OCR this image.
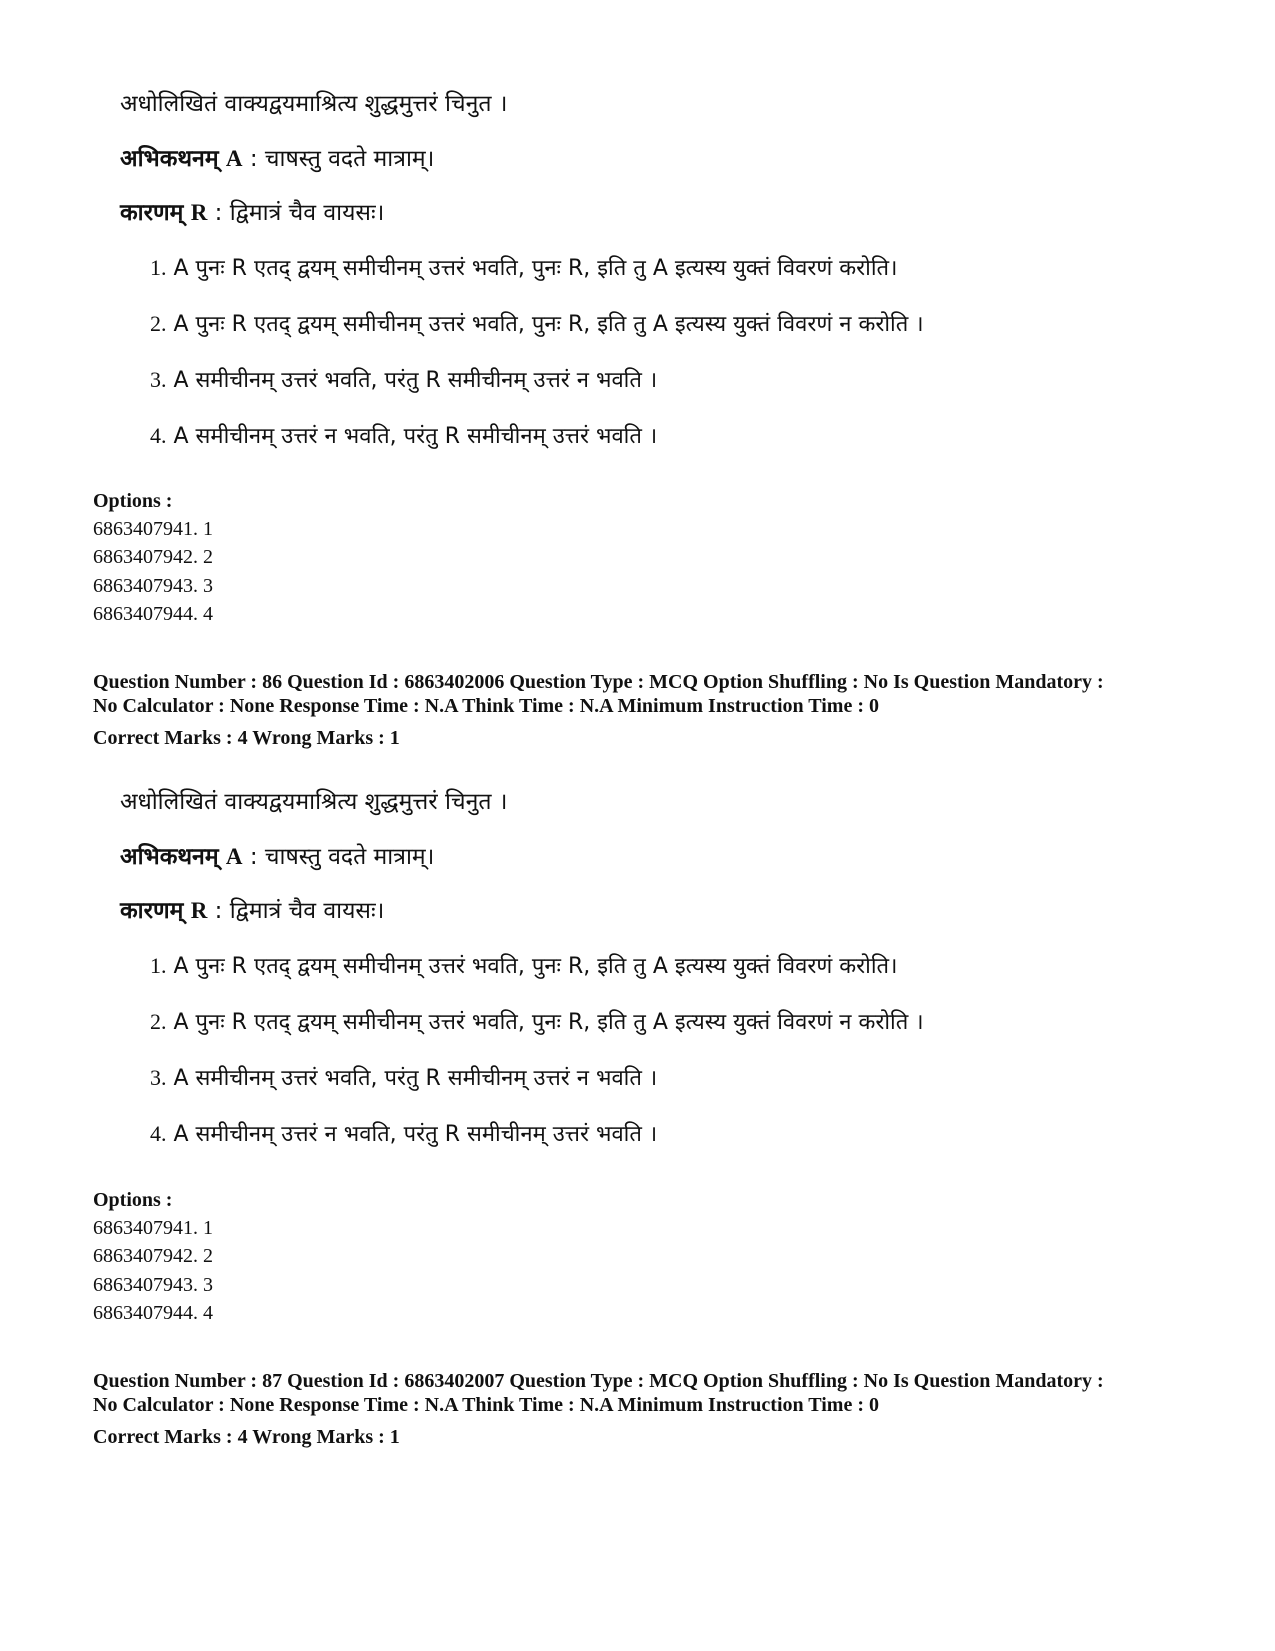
अधोलिखितं वाक्यद्वयमाश्रित्य शुद्धमुत्तरं चिनुत ।
अभिकथनम् A : चाषस्तु वदते मात्राम्।
कारणम् R : द्विमात्रं चैव वायसः।
1. A पुनः R एतद् द्वयम् समीचीनम् उत्तरं भवति, पुनः R, इति तु A इत्यस्य युक्तं विवरणं करोति।
2. A पुनः R एतद् द्वयम् समीचीनम् उत्तरं भवति, पुनः R, इति तु A इत्यस्य युक्तं विवरणं न करोति ।
3. A समीचीनम् उत्तरं भवति, परंतु R समीचीनम् उत्तरं न भवति ।
4. A समीचीनम् उत्तरं न भवति, परंतु R समीचीनम् उत्तरं भवति ।
Options :
6863407941. 1
6863407942. 2
6863407943. 3
6863407944. 4
Question Number : 86 Question Id : 6863402006 Question Type : MCQ Option Shuffling : No Is Question Mandatory :
No Calculator : None Response Time : N.A Think Time : N.A Minimum Instruction Time : 0
Correct Marks : 4 Wrong Marks : 1
अधोलिखितं वाक्यद्वयमाश्रित्य शुद्धमुत्तरं चिनुत ।
अभिकथनम् A : चाषस्तु वदते मात्राम्।
कारणम् R : द्विमात्रं चैव वायसः।
1. A पुनः R एतद् द्वयम् समीचीनम् उत्तरं भवति, पुनः R, इति तु A इत्यस्य युक्तं विवरणं करोति।
2. A पुनः R एतद् द्वयम् समीचीनम् उत्तरं भवति, पुनः R, इति तु A इत्यस्य युक्तं विवरणं न करोति ।
3. A समीचीनम् उत्तरं भवति, परंतु R समीचीनम् उत्तरं न भवति ।
4. A समीचीनम् उत्तरं न भवति, परंतु R समीचीनम् उत्तरं भवति ।
Options :
6863407941. 1
6863407942. 2
6863407943. 3
6863407944. 4
Question Number : 87 Question Id : 6863402007 Question Type : MCQ Option Shuffling : No Is Question Mandatory :
No Calculator : None Response Time : N.A Think Time : N.A Minimum Instruction Time : 0
Correct Marks : 4 Wrong Marks : 1
